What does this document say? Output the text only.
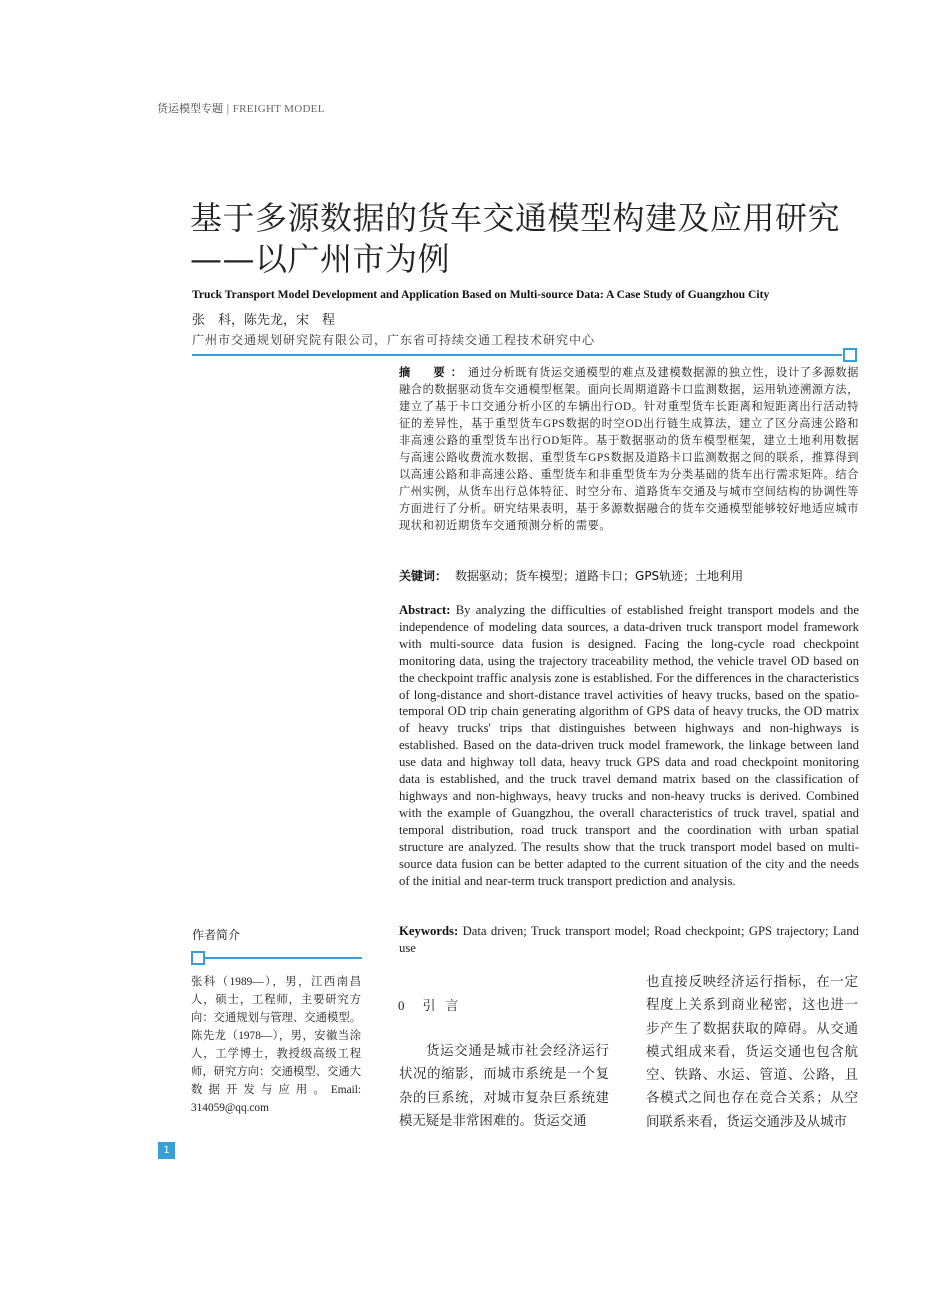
货运模型专题 | FREIGHT MODEL
基于多源数据的货车交通模型构建及应用研究
——以广州市为例
Truck Transport Model Development and Application Based on Multi-source Data: A Case Study of Guangzhou City
张　科，陈先龙，宋　程
广州市交通规划研究院有限公司，广东省可持续交通工程技术研究中心
摘　要：通过分析既有货运交通模型的难点及建模数据源的独立性，设计了多源数据融合的数据驱动货车交通模型框架。面向长周期道路卡口监测数据，运用轨迹溯源方法，建立了基于卡口交通分析小区的车辆出行OD。针对重型货车长距离和短距离出行活动特征的差异性，基于重型货车GPS数据的时空OD出行链生成算法，建立了区分高速公路和非高速公路的重型货车出行OD矩阵。基于数据驱动的货车模型框架，建立土地利用数据与高速公路收费流水数据、重型货车GPS数据及道路卡口监测数据之间的联系，推算得到以高速公路和非高速公路、重型货车和非重型货车为分类基础的货车出行需求矩阵。结合广州实例，从货车出行总体特征、时空分布、道路货车交通及与城市空间结构的协调性等方面进行了分析。研究结果表明，基于多源数据融合的货车交通模型能够较好地适应城市现状和初近期货车交通预测分析的需要。
关键词： 数据驱动；货车模型；道路卡口；GPS轨迹；土地利用
Abstract: By analyzing the difficulties of established freight transport models and the independence of modeling data sources, a data-driven truck transport model framework with multi-source data fusion is designed. Facing the long-cycle road checkpoint monitoring data, using the trajectory traceability method, the vehicle travel OD based on the checkpoint traffic analysis zone is established. For the differences in the characteristics of long-distance and short-distance travel activities of heavy trucks, based on the spatio-temporal OD trip chain generating algorithm of GPS data of heavy trucks, the OD matrix of heavy trucks' trips that distinguishes between highways and non-highways is established. Based on the data-driven truck model framework, the linkage between land use data and highway toll data, heavy truck GPS data and road checkpoint monitoring data is established, and the truck travel demand matrix based on the classification of highways and non-highways, heavy trucks and non-heavy trucks is derived. Combined with the example of Guangzhou, the overall characteristics of truck travel, spatial and temporal distribution, road truck transport and the coordination with urban spatial structure are analyzed. The results show that the truck transport model based on multi-source data fusion can be better adapted to the current situation of the city and the needs of the initial and near-term truck transport prediction and analysis.
Keywords: Data driven; Truck transport model; Road checkpoint; GPS trajectory; Land use
作者简介
张科（1989—），男，江西南昌人，硕士，工程师，主要研究方向：交通规划与管理、交通模型。陈先龙（1978—），男，安徽当涂人，工学博士，教授级高级工程师，研究方向：交通模型、交通大数据开发与应用。Email: 314059@qq.com
0 引言
货运交通是城市社会经济运行状况的缩影，而城市系统是一个复杂的巨系统，对城市复杂巨系统建模无疑是非常困难的。货运交通
也直接反映经济运行指标，在一定程度上关系到商业秘密，这也进一步产生了数据获取的障碍。从交通模式组成来看，货运交通也包含航空、铁路、水运、管道、公路，且各模式之间也存在竞合关系；从空间联系来看，货运交通涉及从城市
1
